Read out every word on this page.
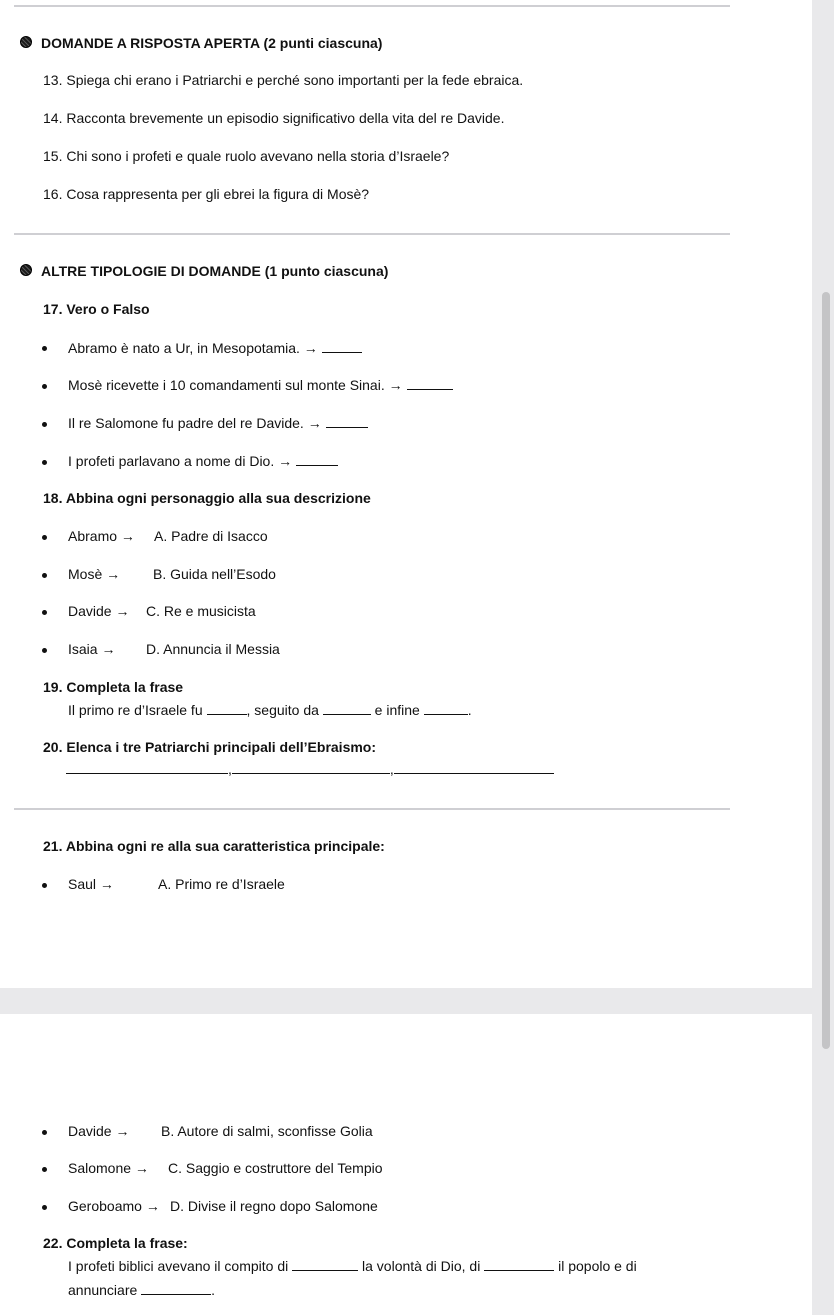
DOMANDE A RISPOSTA APERTA (2 punti ciascuna)
13. Spiega chi erano i Patriarchi e perché sono importanti per la fede ebraica.
14. Racconta brevemente un episodio significativo della vita del re Davide.
15. Chi sono i profeti e quale ruolo avevano nella storia d’Israele?
16. Cosa rappresenta per gli ebrei la figura di Mosè?
ALTRE TIPOLOGIE DI DOMANDE (1 punto ciascuna)
17. Vero o Falso
Abramo è nato a Ur, in Mesopotamia. →
Mosè ricevette i 10 comandamenti sul monte Sinai. →
Il re Salomone fu padre del re Davide. →
I profeti parlavano a nome di Dio. →
18. Abbina ogni personaggio alla sua descrizione
Abramo → A. Padre di Isacco
Mosè → B. Guida nell’Esodo
Davide → C. Re e musicista
Isaia → D. Annuncia il Messia
19. Completa la frase
Il primo re d’Israele fu	, seguito da	e infine	.
20. Elenca i tre Patriarchi principali dell’Ebraismo:
,	,
21. Abbina ogni re alla sua caratteristica principale:
Saul →	A. Primo re d’Israele
Davide → B. Autore di salmi, sconfisse Golia
Salomone → C. Saggio e costruttore del Tempio
Geroboamo → D. Divise il regno dopo Salomone
22. Completa la frase:
I profeti biblici avevano il compito di	la volontà di Dio, di	il popolo e di
annunciare	.
